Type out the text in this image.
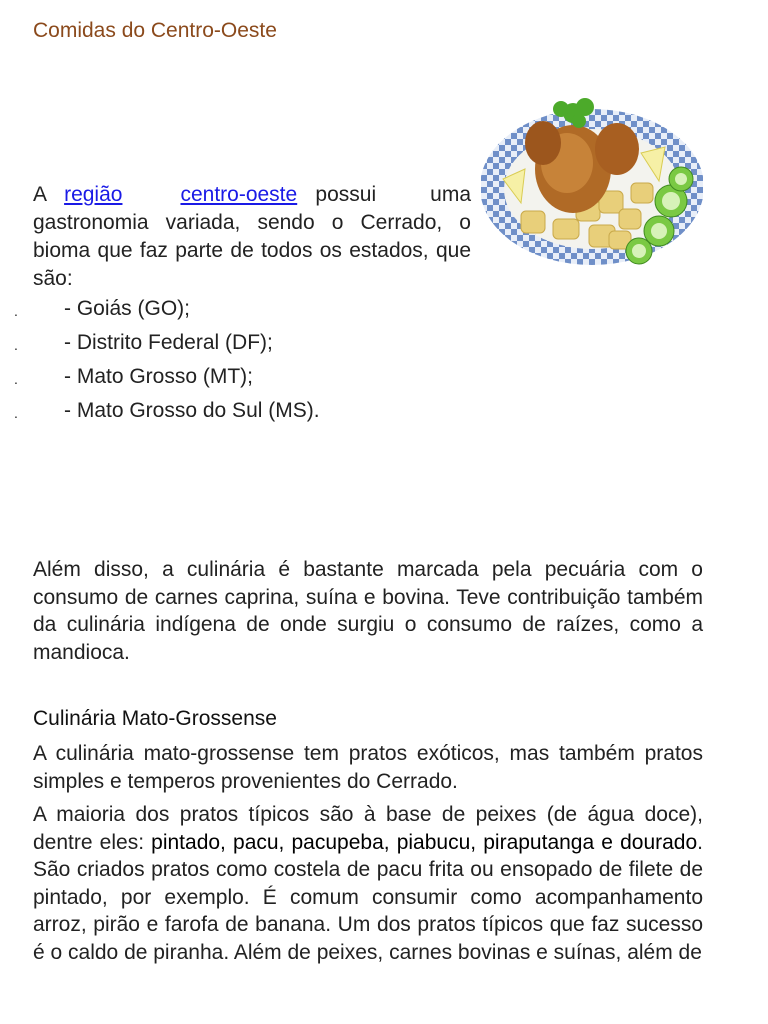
Comidas do Centro-Oeste

A região	centro-oeste possui	uma gastronomia variada, sendo o Cerrado, o bioma que faz parte de todos os estados, que são:

. - Goiás (GO);
. - Distrito Federal (DF);
. - Mato Grosso (MT);
. - Mato Grosso do Sul (MS).

Além disso, a culinária é bastante marcada pela pecuária com o consumo de carnes caprina, suína e bovina. Teve contribuição também da culinária indígena de onde surgiu o consumo de raízes, como a mandioca.

Culinária Mato-Grossense

A culinária mato-grossense tem pratos exóticos, mas também pratos simples e temperos provenientes do Cerrado.

A maioria dos pratos típicos são à base de peixes (de água doce), dentre eles: pintado, pacu, pacupeba, piabucu, piraputanga e dourado. São criados pratos como costela de pacu frita ou ensopado de filete de pintado, por exemplo. É comum consumir como acompanhamento arroz, pirão e farofa de banana. Um dos pratos típicos que faz sucesso é o caldo de piranha. Além de peixes, carnes bovinas e suínas, além de
